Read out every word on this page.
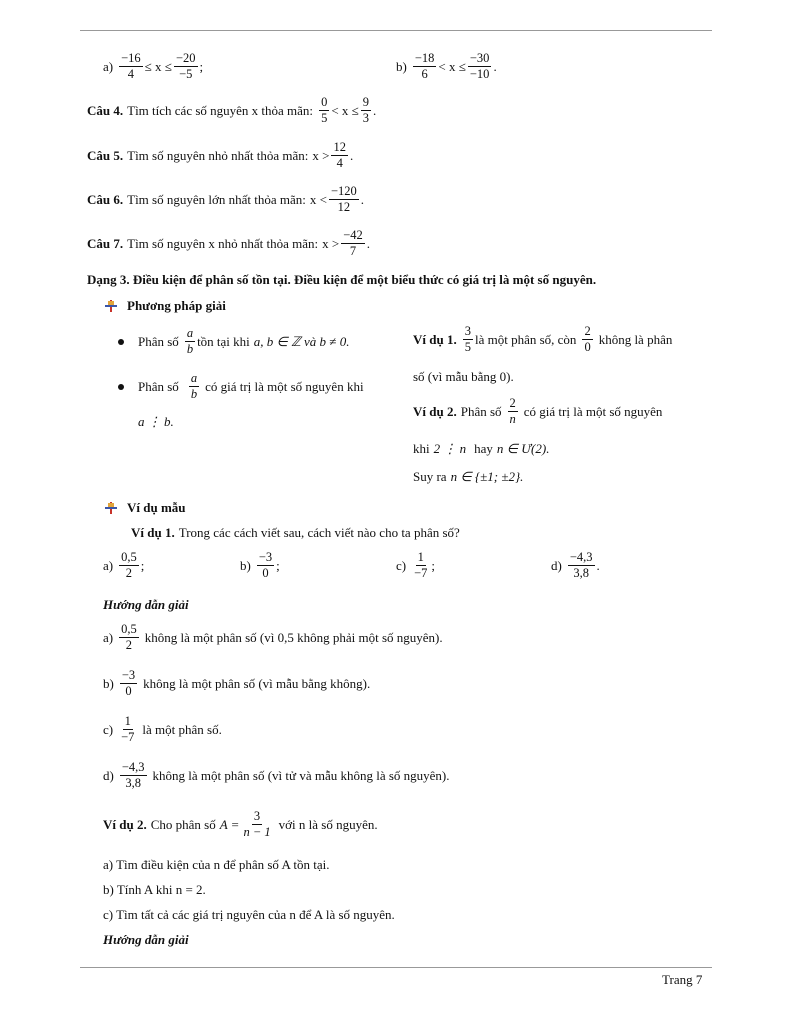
$a) \frac{-16}{4} \le x \le \frac{-20}{-5}$ ;	$b) \frac{-18}{6} < x \le \frac{-30}{-10}$ .
Câu 4. Tìm tích các số nguyên x thỏa mãn: $\frac{0}{5} < x \le \frac{9}{3}$ .
Câu 5. Tìm số nguyên nhỏ nhất thỏa mãn: $x > \frac{12}{4}$ .
Câu 6. Tìm số nguyên lớn nhất thỏa mãn: $x < \frac{-120}{12}$ .
Câu 7. Tìm số nguyên x nhỏ nhất thỏa mãn: $x > \frac{-42}{7}$ .
Dạng 3. Điều kiện để phân số tồn tại. Điều kiện để một biểu thức có giá trị là một số nguyên.
Phương pháp giải
Phân số $\frac{a}{b}$ tồn tại khi a, b ∈ ℤ và b ≠ 0.
Phân số $\frac{a}{b}$ có giá trị là một số nguyên khi
a ⋮ b.
Ví dụ 1. $\frac{3}{5}$ là một phân số, còn $\frac{2}{0}$ không là phân
số (vì mẫu bằng 0).
Ví dụ 2. Phân số $\frac{2}{n}$ có giá trị là một số nguyên
khi 2 ⋮ n hay n ∈ Ư(2).
Suy ra n ∈ {±1; ±2}.
Ví dụ mẫu
Ví dụ 1. Trong các cách viết sau, cách viết nào cho ta phân số?
$a) \frac{0,5}{2}$ ;	$b) \frac{-3}{0}$ ;	$c) \frac{1}{-7}$ ;	$d) \frac{-4,3}{3,8}$ .
Hướng dẫn giải
$a) \frac{0,5}{2}$ không là một phân số (vì 0,5 không phải một số nguyên).
$b) \frac{-3}{0}$ không là một phân số (vì mẫu bằng không).
$c) \frac{1}{-7}$ là một phân số.
$d) \frac{-4,3}{3,8}$ không là một phân số (vì tử và mẫu không là số nguyên).
Ví dụ 2. Cho phân số $A = \frac{3}{n - 1}$ với n là số nguyên.
a) Tìm điều kiện của n để phân số A tồn tại.
b) Tính A khi n = 2.
c) Tìm tất cả các giá trị nguyên của n để A là số nguyên.
Hướng dẫn giải
Trang 7
